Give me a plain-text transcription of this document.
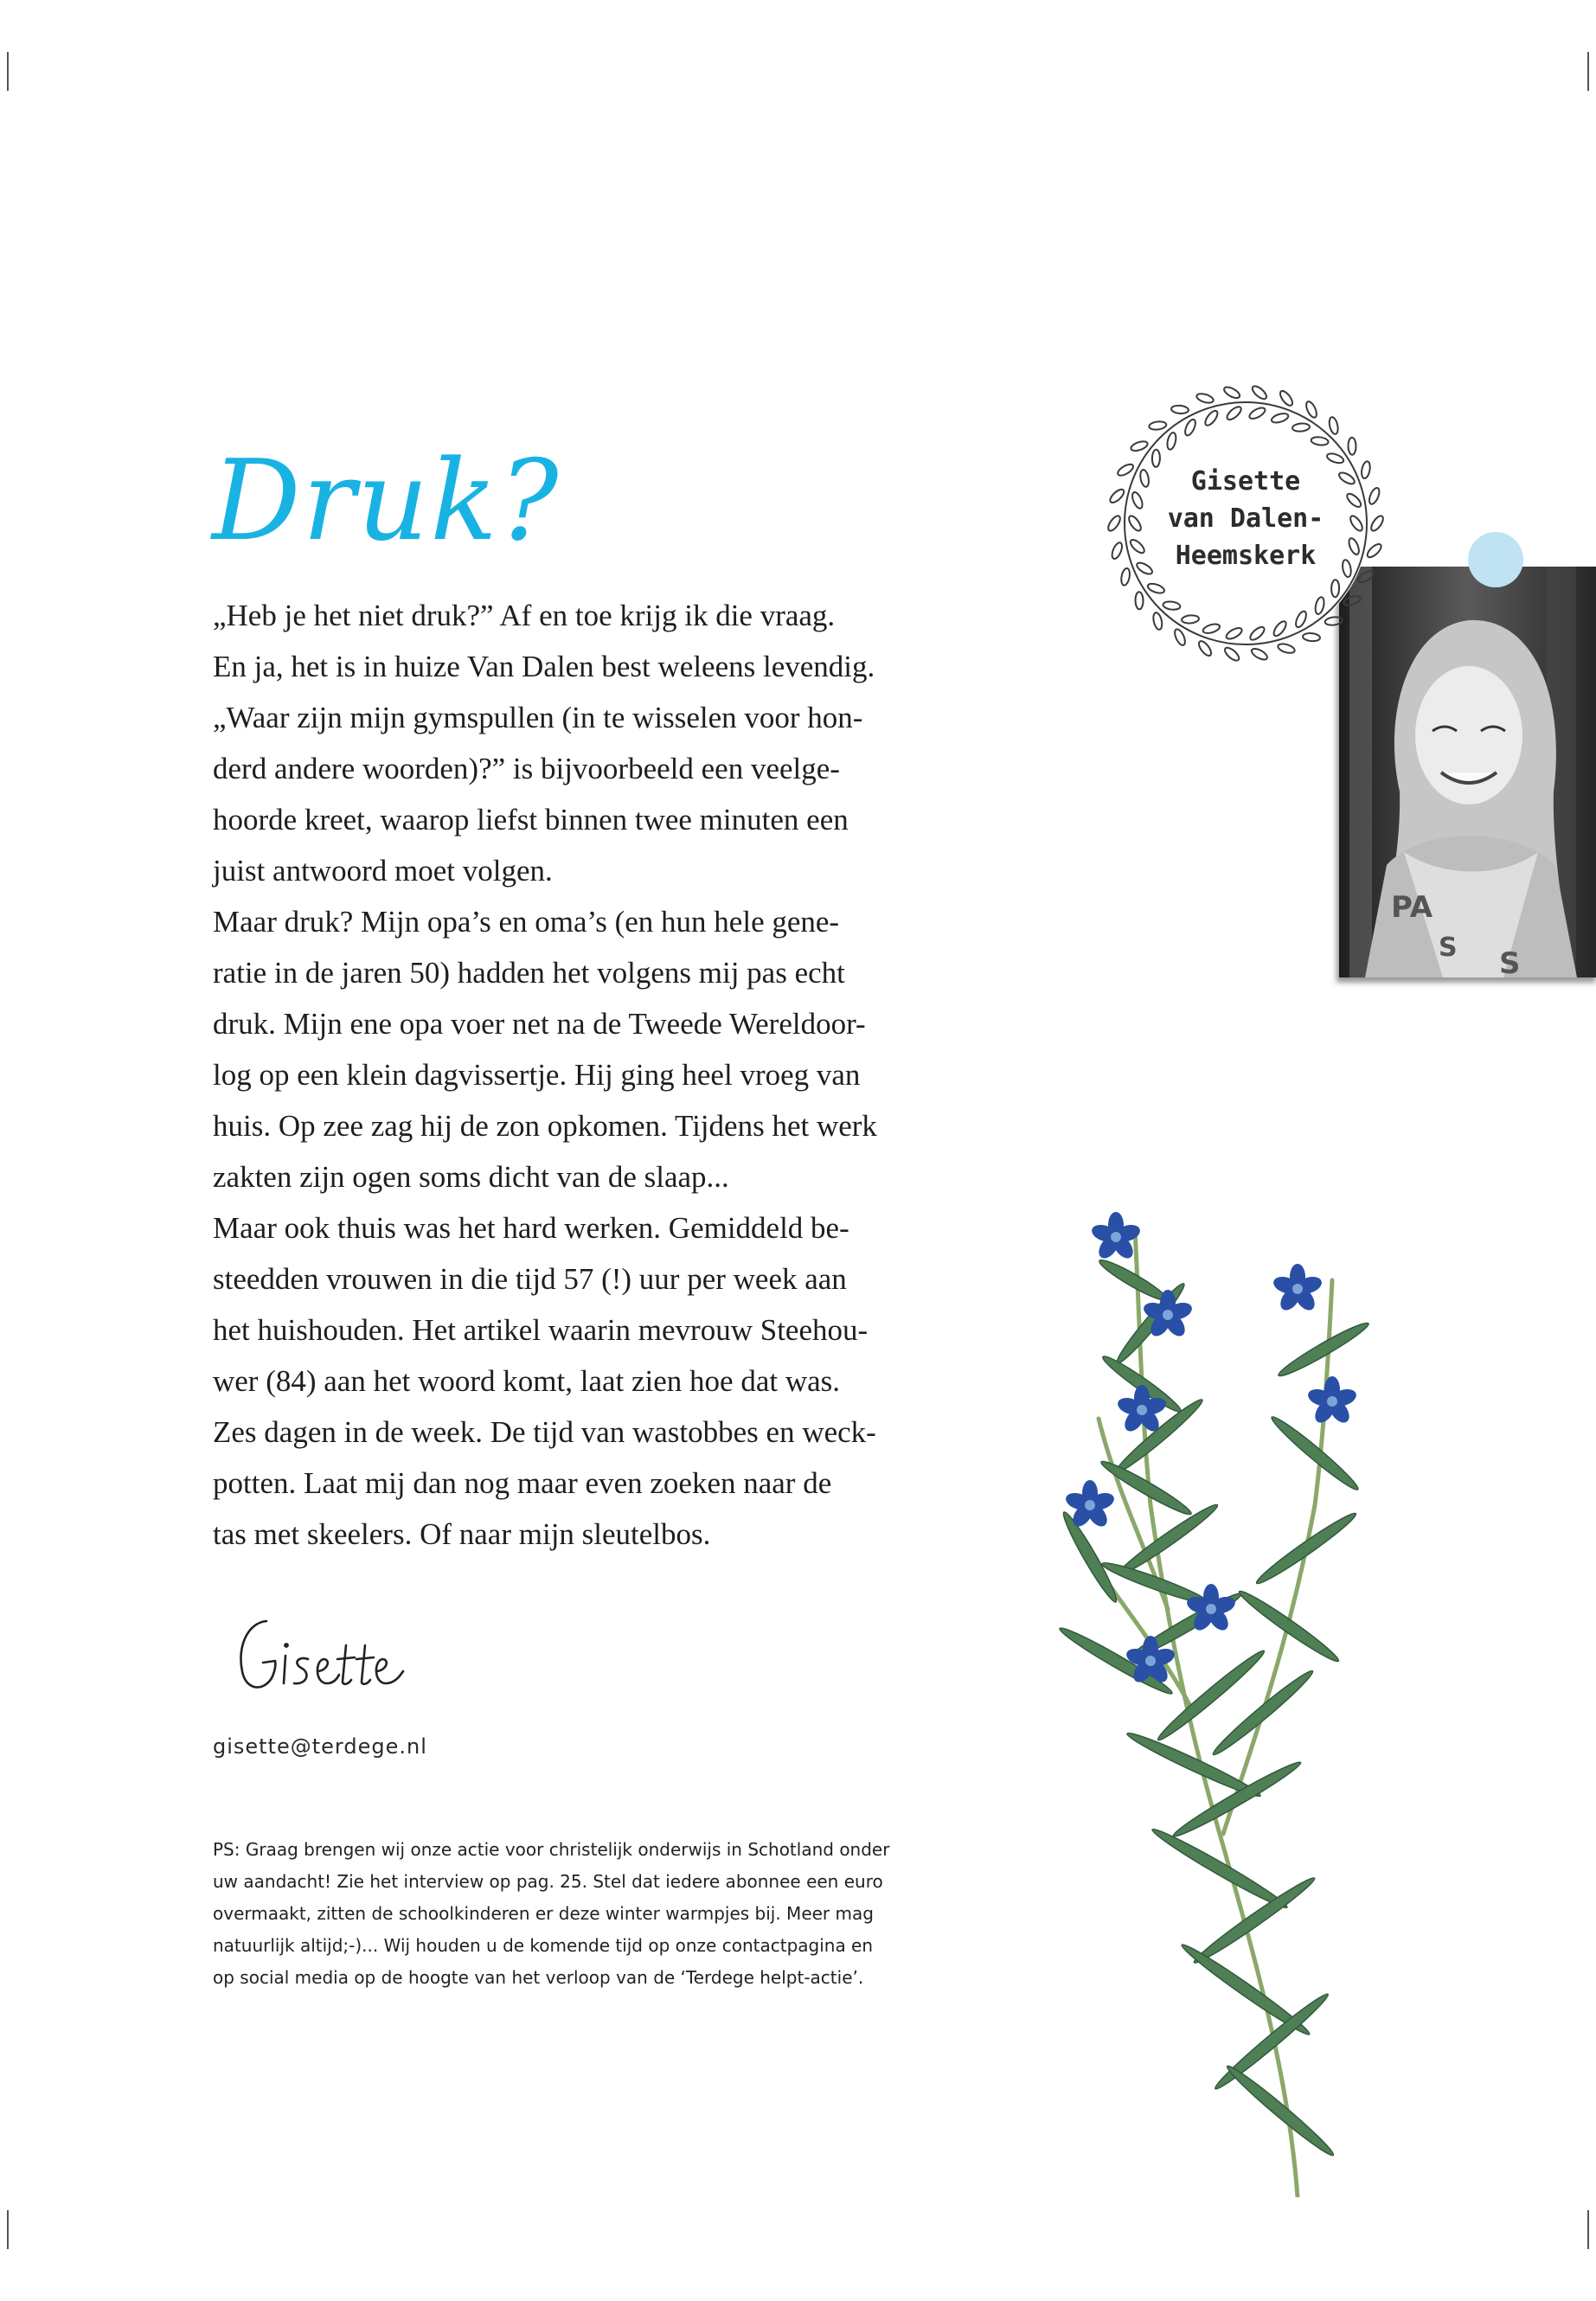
Druk?
„Heb je het niet druk?” Af en toe krijg ik die vraag.
En ja, het is in huize Van Dalen best weleens levendig.
„Waar zijn mijn gymspullen (in te wisselen voor hon-
derd andere woorden)?” is bijvoorbeeld een veelge-
hoorde kreet, waarop liefst binnen twee minuten een
juist antwoord moet volgen.
Maar druk? Mijn opa’s en oma’s (en hun hele gene-
ratie in de jaren 50) hadden het volgens mij pas echt
druk. Mijn ene opa voer net na de Tweede Wereldoor-
log op een klein dagvissertje. Hij ging heel vroeg van
huis. Op zee zag hij de zon opkomen. Tijdens het werk
zakten zijn ogen soms dicht van de slaap...
Maar ook thuis was het hard werken. Gemiddeld be-
steedden vrouwen in die tijd 57 (!) uur per week aan
het huishouden. Het artikel waarin mevrouw Steehou-
wer (84) aan het woord komt, laat zien hoe dat was.
Zes dagen in de week. De tijd van wastobbes en weck-
potten. Laat mij dan nog maar even zoeken naar de
tas met skeelers. Of naar mijn sleutelbos.
gisette@terdege.nl
PS: Graag brengen wij onze actie voor christelijk onderwijs in Schotland onder
uw aandacht! Zie het interview op pag. 25. Stel dat iedere abonnee een euro
overmaakt, zitten de schoolkinderen er deze winter warmpjes bij. Meer mag
natuurlijk altijd;-)... Wij houden u de komende tijd op onze contactpagina en
op social media op de hoogte van het verloop van de ‘Terdege helpt-actie’.
PA
S S
Gisette
van Dalen-
Heemskerk
